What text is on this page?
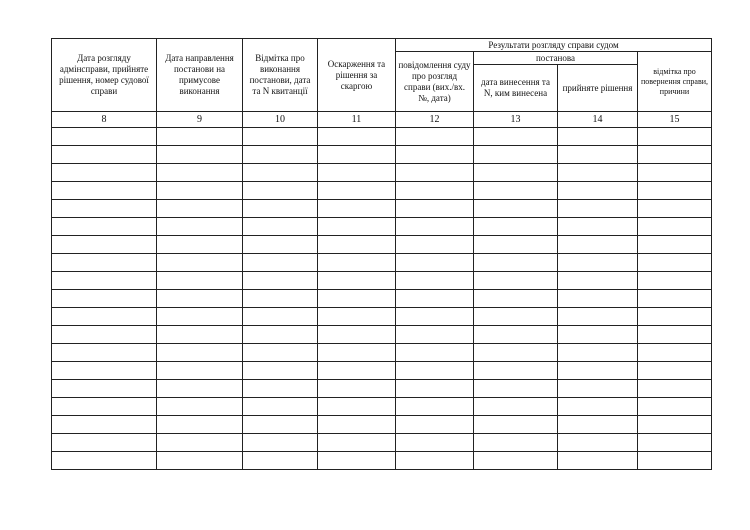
Дата розгляду адмінсправи, прийняте рішення, номер судової справи	Дата направлення постанови на примусове виконання	Відмітка про виконання постанови, дата та N квитанції	Оскарження та рішення за скаргою	Результати розгляду справи судом			
				повідомлення суду про розгляд справи (вих./вх. №, дата)	постанова		відмітка про повернення справи, причини
					дата винесення та N, ким винесена	прийняте рішення	
8	9	10	11	12	13	14	15
